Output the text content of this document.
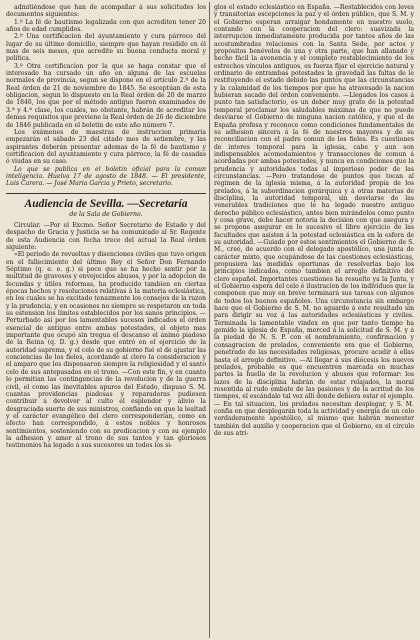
admitiéndose que han de acompañar á sus solicitudes los documentos siguientes:

1.º La fé de bautismo legalizada con que acrediten tener 20 años de edad cumplidos.

2.º Una certificacion del ayuntamiento y cura párroco del lugar de su último domicilio, siempre que hayan residido en él mas de seis meses, que acredite su buena conducta moral y política.

3.º Otra certificacion por la que se haga constar que el interesado ha cursado un año en alguna de las escuelas normales de provincia, segun se dispone en el artículo 2.º de la Real órden de 21 de noviembre de 1845. Se esceptúan de esta obligacion, segun lo dispuesto en la Real órden de 20 de marzo de 1846, los que por el método antiguo fueron examinados de 3.ª y 4.ª clase, los cuales, no obstante, habrán de acreditar los demas requisitos que previene la Real órden de 26 de diciembre de 1846 publicada en el boletin de este año número 7.

Los exámenes de maestras de instruccion primaria empezarán el sábado 23 del citado mes de setiembre, y las aspirantes deberán presentar ademas de la fé de bautismo y certificacion del ayuntamiento y cura párroco, la fé de casadas ó viudas en su caso.

Lo que se publica en el boletin oficial para la comun inteligencia. Huelva 17 de agosto de 1848. — El presidente, Luis Carera. — José Maria Garcia y Prieto, secretario.

Audiencia de Sevilla. —Secretaría
de la Sala de Gobierno.

Circular. —Por el Excmo. Señor Secretario de Estado y del despacho de Gracia y Justicia se ha comunicado al Sr. Regente de esta Audiencia con fecha trece del actual la Real órden siguiente:

«El periodo de revueltas y disenciones civiles que tuvo origen en el fallecimiento del último Rey el Señor Don Fernando Séptimo (q. e. e. g.) si poco que se ha hecho sentir por la multitud de gravosos y envejecidos abusos, y por la adopcion de fecundas y útiles reformas, ha producido tambien en ciertas épocas hechos y resoluciones relativas á la materia eclesiástica, en los cuales se ha excitado tenazmente los consejos de la razon y la prudencia, y en ocasiones no siempre se respetaron en toda su estension los límites establecidos por los sanos principios. —Perturbado así por los lamentables sucesos indicados el órden esencial de antiguo entre ambas potestades, el objeto mas importante que ocupó sin tregua el descanso el ánimo piadoso de la Reina (q. D. g.) desde que entró en el ejercicio de la autoridad suprema, y el celo de su gobierno fué el de ajustar las conciencias de los fieles, acordando al clero la consideracion y el amparo que les dispensaron siempre la religiosidad y el santo celo de sus antepasados en el trono. —Con este fin, y en cuanto lo permitian las contingencias de la revolucion y de la guerra civil, el como las inevitables apuros del Estado, dispuso S. M. cuantas providencias piadosas y reparadoras pudiesen contribuir á devolver al culto el esplendor y alivio la desgraciada suerte de sus ministros, confiando en que la lealtad y el carácter evangélico del clero corresponderían, como en efecto han correspondido, á estos nobles y honrosos sentimientos, sosteniendo con su predicacion y con su ejemplo la adhesion y amor al trono de sus tantos y tan gloriosos testimonios ha legado á sus sucesores un todos los si-

glos el estado eclesiástico en España. —Restablecidos con leves y transitorias escepciones la paz y el órden público, que S. M. y el Gobierno esperan arraigar hondamente en nuestro suelo, contando con la cooperacion del clero: suavizada la interrupcion inmediatamente producida por tantos años de las acostumbradas relaciones con la Santa Sede, por actos y propósitos benévolos de una y otra parte, que han allanado y hecho fácil la avenencia y el completo restablecimiento de los estrechos vínculos antiguos, es fuerza fijar el ejercicio natural y ordinario de entrambas potestades la gravedad las faltas de le restituyendo el estado debido las puntos que las circunstancias y la calamidad de los tiempos por que ha atravesado la nacion hubieran sacado del órden conveniente. —Llegados los casos á punto tan satisfactorio, es un deber muy grato de la potestad temporal proclamar los saludables máximas de que no puede desviarse el Gobierno de ninguna nacion católica, y que el de España profesa y reconoce como condiciones fundamentales de su adhesion sincera á la fé de nuestros mayores y de su reconciliacion con el padre comun de los fieles. Es cuestiones de interes temporal para la iglesia, cabe y aun son indispensables acomodamientos y transacciones de comun á acordadas por ambas potestades, y nunca en condiciones que la prudencia y autoridades todas al imperioso poder de las circunstancias. —Pero tratandose de puntos que tocan al régimen de la iglesia misma, á la autoridad propia de los prelados, á la subordinacion gerárquica y á otras materias de disciplina, la autoridad temporal, sin desviarse de las venerables tradiciones que le ha legado nuestro antiguo derecho público eclesiástico, antes bien mirándolos como punto y cosa grave, debe hacer notoria la decision con que asegura y se propone asegurar en lo sucesivo el libre ejercicio de las facultades que asisten á la potestad eclesiástica en la esfera de su autoridad. —Guiado por estos sentimientos el Gobierno de S. M., creó, de acuerdo con el delegado apostólico, una junta de carácter mixto, que ocupándose de las cuestiones eclesiásticas, propusiera las medidas oportunas de resolverlas bajo los principios indicados, como tambien el arreglo definitivo del clero español. Importantes cuestiones ha resuelto ya la Junta, y el Gobierno espera del celo é ilustracion de los individuos que la componen que muy en breve terminará sus tareas con algunos de todos los buenos españoles. Una circunstancia sin embargo hace que el Gobierno de S. M. no aguarde á este resultado sin para dirigir su voz á las autoridades eclesiásticas y civiles. Terminada la lamentable vindex en que por tanto tiempo ha gemido la iglesia de España, merced á la solicitud de S. M. y á la piedad de N. S. P. con el nombramiento, confirmacion y consagracion de prelados, conveniente era que el Gobierno, penetrado de las necesidades religiosas, procure acudir á ellas hasta el arreglo definitivo. —Al llegar á sus diócesis los nuevos prelados, probable es que encuentren marcada en muchas partes la huella de la revolucion y abusos que reformar: los lazos de la disciplina habrán de estar relajados, la moral resentida al rudo embate de las pasiones y de la acritud de los tiempos, el escándalo tal vez allí donde debiera estar el ejemplo. — En tal situacion, los prelados necesitan desplegar, y S. M. confia en que desplegarán toda la actividad y energía de un celo verdaderamente apostólico, al mismo que habrán menester también del auxilio y cooperacion que el Gobierno, en el círculo de sus atri-
